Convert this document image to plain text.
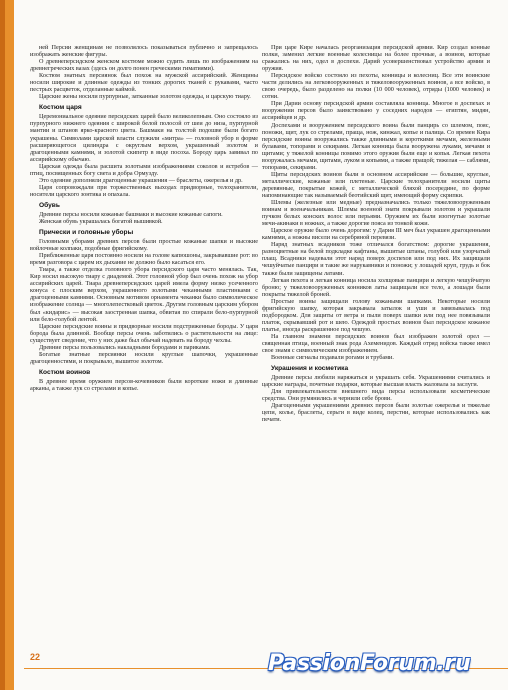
ней Персии женщинам не позволялось показываться публично и запрещалось изображать женские фигуры.

О древнеперсидском женском костюме можно судить лишь по изображениям на древнегреческих вазах (здесь он долго понен греческими гиматиями).

Костюм знатных персиянок был похож на мужской ассирийский. Женщины носили широкие и длинные одежды из тонких дорогих тканей с рукавами, часто пестрых расцветок, отделанные каймой.

Царские жены носили пурпурные, затканные золотом одежды, и царскую тиару.

Костюм царя

Церемониальное одеяние персидских царей было великолепным. Оно состояло из пурпурного нижнего одеяния с широкой белой полосой от шеи до низа, пурпурной мантии и штанов ярко-красного цвета. Башмаки на толстой подошве были богато украшены. Символами царской власти служили «митра» — головной убор в форме расширяющегося цилиндра с округлым верхом, украшенный золотом и драгоценными камнями, и золотой скипетр в виде посоха. Бороду царь завивал по ассирийскому обычаю.

Царская одежда была расшита золотыми изображениями соколов и ястребов — птиц, посвященных богу света и добра Ормузду.

Это одеяние дополняли драгоценные украшения — браслеты, ожерелья и др.

Царя сопровождали при торжественных выходах придворные, телохранители, носители царского зонтика и опахала.

Обувь

Древние персы носили кожаные башмаки и высокие кожаные сапоги.

Женская обувь украшалась богатой вышивкой.

Прически и головные уборы

Головными уборами древних персов были простые кожаные шапки и высокие войлочные колпаки, подобные фригийскому.

Приближенные царя постоянно носили на голове капюшоны, закрывавшие рот: во время разговора с царем их дыхание не должно было касаться его.

Тиара, а также отделка головного убора персидского царя часто менялась. Так, Кир носил высокую тиару с диадемой. Этот головной убор был очень похож на убор ассирийских царей. Тиара древнеперсидских царей имела форму низко усеченного конуса с плоским верхом, украшенного золотыми чеканными пластинками с драгоценными камнями. Основным мотивом орнамента чеканки было символическое изображение солнца — многолепестковый цветок. Другим головным царским убором был «кидарис» — высокая заостренная шапка, обвитая по спирали бело-пурпурной или бело-голубой лентой.

Царские персидские воины и придворные носили подстриженные бороды. У царя борода была длинной. Вообще персы очень заботились о растительности на лице: существует сведение, что у них даже был обычай надевать на бороду чехлы.

Древние персы пользовались накладными бородами и париками.

Богатые знатные персиянки носили круглые шапочки, украшенные драгоценностями, и покрывало, вышитое золотом.

Костюм воинов

В древнее время оружием персов-кочевников были короткие ножи и длинные арканы, а также лук со стрелами и копье.

При царе Кире началась реорганизация персидской армии. Кир создал конные полки, заменил легкие военные колесницы на более прочные, а воинов, которые сражались на них, одел в доспехи. Дарий усовершенствовал устройство армии и оружия.

Персидское войско состояло из пехоты, конницы и колесниц. Все эти воинские части делились на легковооруженных и тяжеловооруженных воинов, а все войско, в свою очередь, было разделено на полки (10 000 человек), отряды (1000 человек) и сотни.

При Дарии основу персидской армии составляла конница. Многое в доспехах и вооружении персов было заимствовано у соседних народов — египтян, мидян, ассирийцев и др.

Доспехами и вооружением персидского воина были панцирь со шлемом, пояс, поножи, щит, лук со стрелами, праща, нож, кинжал, копье и палица. Со времен Кира персидские воины вооружались также длинными и короткими мечами, железными булавами, топорами и секирами. Легкая конница была вооружена луками, мечами и щитами; у тяжелой конницы помимо этого оружия были еще и копья. Легкая пехота вооружалась мечами, щитами, луком и копьями, а также пращой; тяжелая — саблями, топорами, секирами.

Щиты персидских воинов были в основном ассирийские — большие, круглые, металлические, кожаные или плетеные. Царские телохранители носили щиты деревянные, покрытые кожей, с металлической бляхой посередине, по форме напоминающие так называемый беотийский щит, имеющий форму скрипки.

Шлемы (железные или медные) предназначались только тяжеловооруженным воинам и военачальникам. Шлемы военной знати покрывали золотом и украшали пучком белых конских волос или перьями. Оружием их были изогнутые золотые мечи-акинаки в ножнах, а также дорогие пояса из тонкой кожи.

Царское оружие было очень дорогим: у Дария III меч был украшен драгоценными камнями, а ножны висели на серебряной перевязи.

Наряд знатных всадников тоже отличался богатством: дорогие украшения, разноцветные на белой подкладке кафтаны, вышитые штаны, голубой или узорчатый плащ. Всадники надевали этот наряд поверх доспехов или под них. Их защищали чешуйчатые панцири и такие же нарукавники и поножи; у лошадей круп, грудь и бок также были защищены латами.

Легкая пехота и легкая конница носила холщовые панцири и легкую чешуйчатую броню; у тяжеловооруженных конников латы защищали все тело, а лошади были покрыты тяжелой броней.

Простые воины защищали голову кожаными шапками. Некоторые носили фригийскую шапку, которая закрывала затылок и уши и завязывалась под подбородком. Для защиты от ветра и пыли поверх шапки или под нее повязывали платок, скрывавший рот и шею. Одеждой простых воинов был персидское кожаное платье, иногда раскрашенное под чешую.

На главном знамени персидских воинов был изображен золотой орел — священная птица, военный знак рода Ахеменидов. Каждый отряд войска также имел свое знамя с символическим изображением.

Военные сигналы подавали рогами и трубами.

Украшения и косметика

Древние персы любили наряжаться и украшать себя. Украшениями считались и царские награды, почетные подарки, которые высшая власть жаловала за заслуги.

Для привлекательности внешнего вида персы использовали косметические средства. Они румянились и чернили себе брови.

Драгоценными украшениями древних персов были золотые ожерелья и тяжелые цепи, колье, браслеты, серьги в виде колец, перстни, которые использовались как печати.

22	PassionForum.ru
